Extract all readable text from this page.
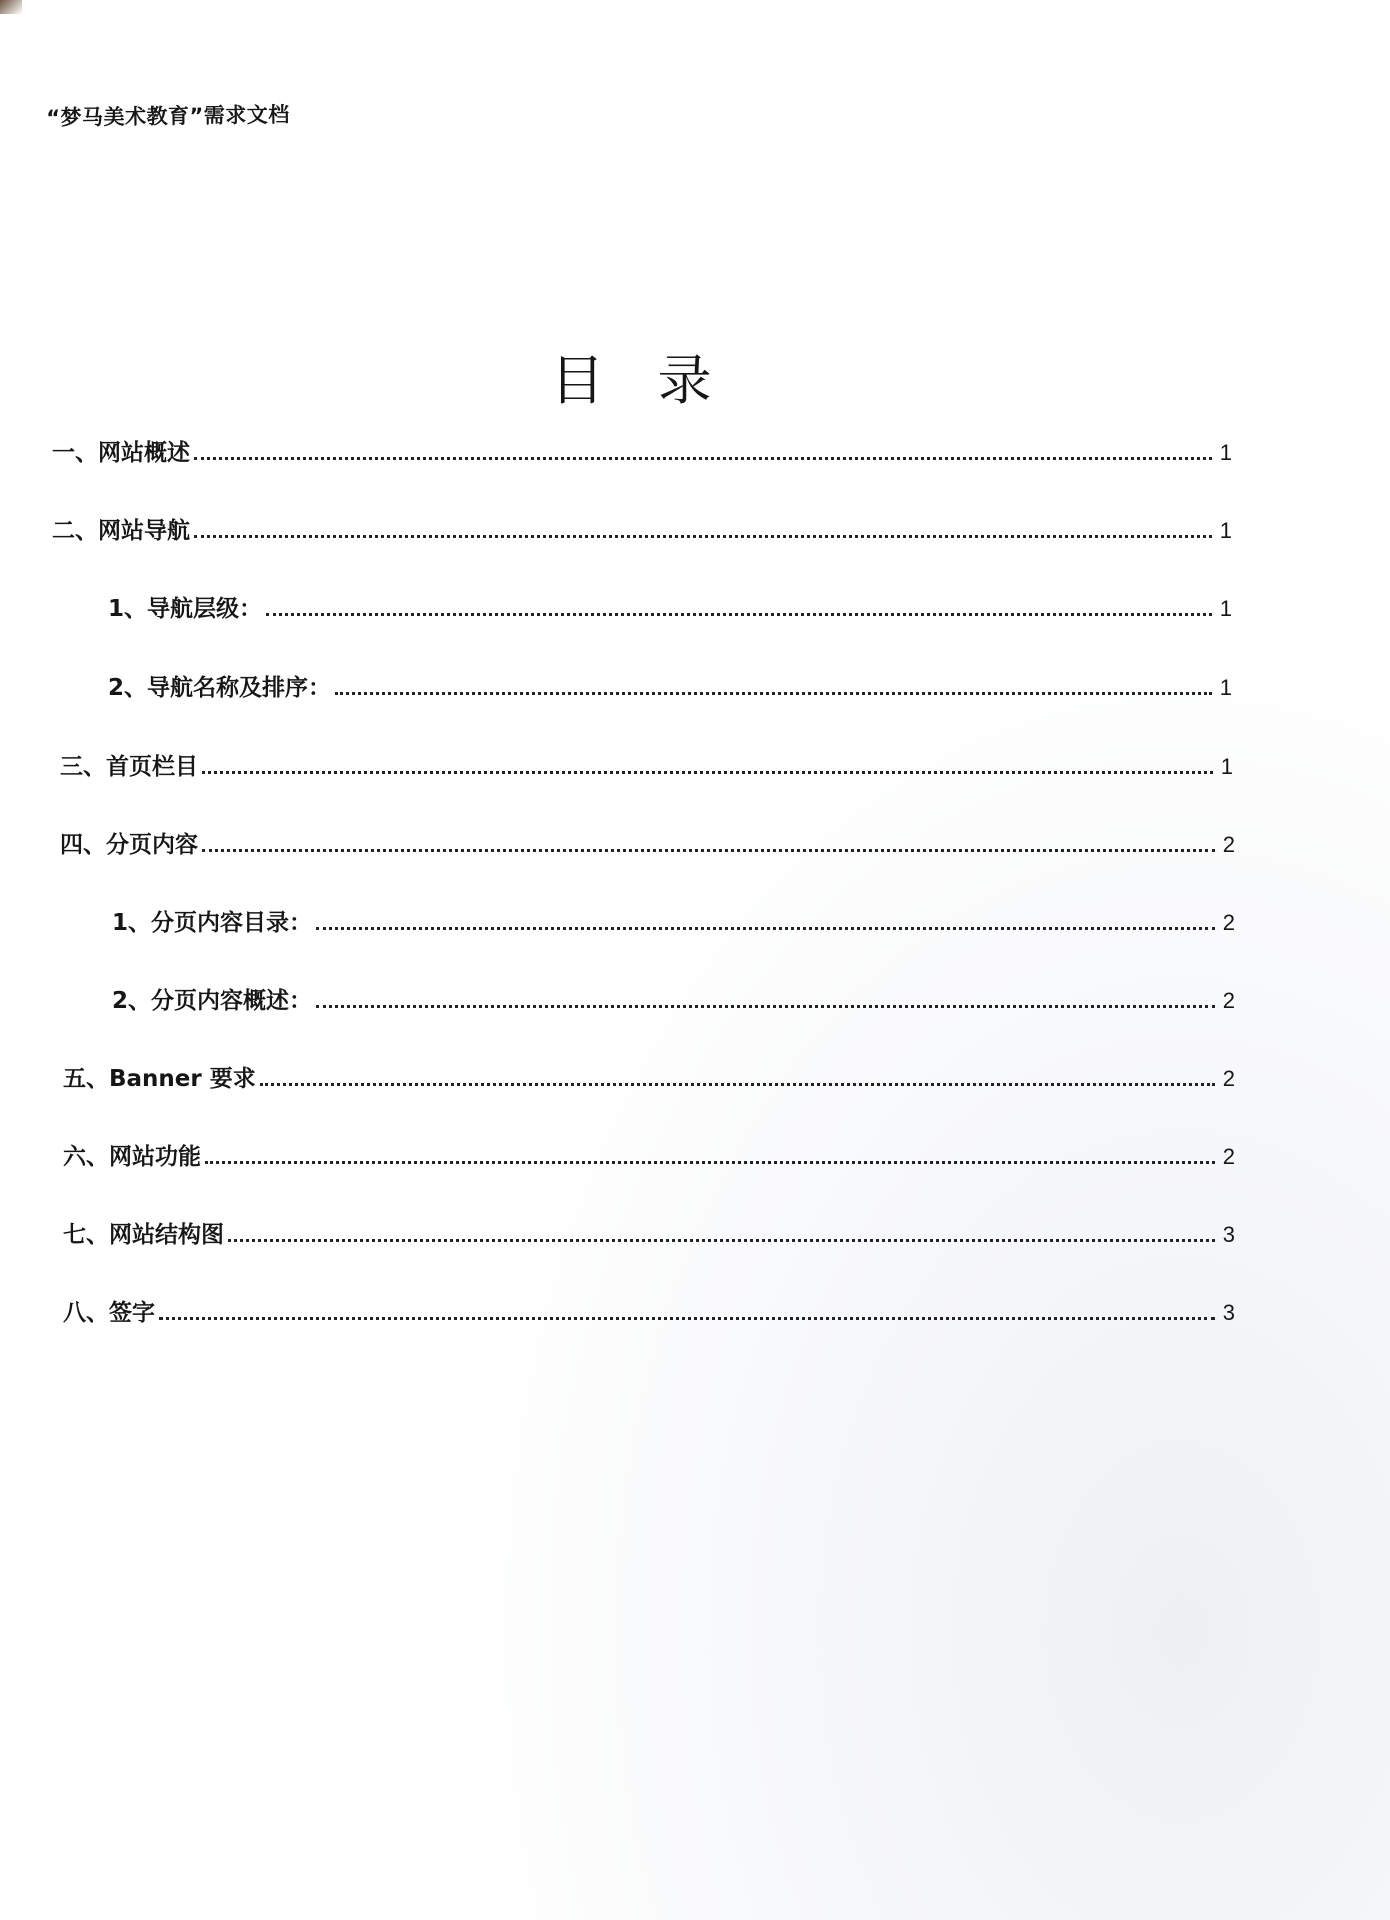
“梦马美术教育”需求文档
目 录
一、网站概述	1
二、网站导航	1
1、导航层级：	1
2、导航名称及排序：	1
三、首页栏目	1
四、分页内容	2
1、分页内容目录：	2
2、分页内容概述：	2
五、Banner 要求	2
六、网站功能	2
七、网站结构图	3
八、签字	3
